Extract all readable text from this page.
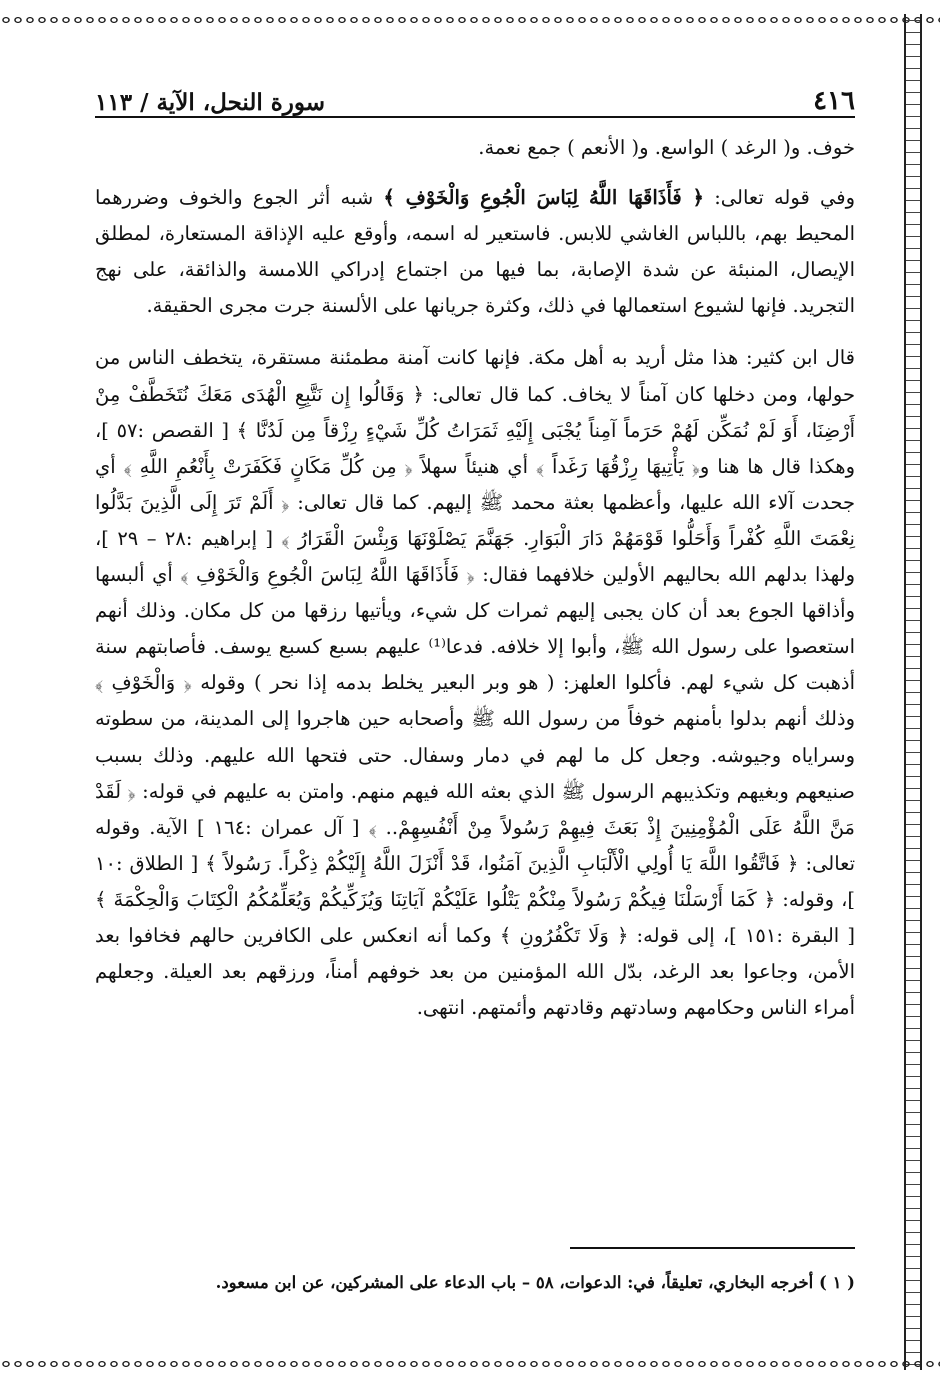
٤١٦
سورة النحل، الآية / ١١٣

خوف. و( الرغد ) الواسع. و( الأنعم ) جمع نعمة.

وفي قوله تعالى: ﴿ فَأَذَاقَهَا اللَّهُ لِبَاسَ الْجُوعِ وَالْخَوْفِ ﴾ شبه أثر الجوع والخوف وضررهما المحيط بهم، باللباس الغاشي للابس. فاستعير له اسمه، وأوقع عليه الإذاقة المستعارة، لمطلق الإيصال، المنبئة عن شدة الإصابة، بما فيها من اجتماع إدراكي اللامسة والذائقة، على نهج التجريد. فإنها لشيوع استعمالها في ذلك، وكثرة جريانها على الألسنة جرت مجرى الحقيقة.

قال ابن كثير: هذا مثل أريد به أهل مكة. فإنها كانت آمنة مطمئنة مستقرة، يتخطف الناس من حولها، ومن دخلها كان آمناً لا يخاف. كما قال تعالى: ﴿ وَقَالُوا إِن نَتَّبِعِ الْهُدَى مَعَكَ نُتَخَطَّفْ مِنْ أَرْضِنَا، أَوَ لَمْ نُمَكِّن لَهُمْ حَرَماً آمِناً يُجْبَى إِلَيْهِ ثَمَرَاتُ كُلِّ شَيْءٍ رِزْقاً مِن لَدُنَّا ﴾ [ القصص :٥٧ ]، وهكذا قال ها هنا و﴿ يَأْتِيهَا رِزْقُهَا رَغَداً ﴾ أي هنيئاً سهلاً ﴿ مِن كُلِّ مَكَانٍ فَكَفَرَتْ بِأَنْعُمِ اللَّهِ ﴾ أي جحدت آلاء الله عليها، وأعظمها بعثة محمد ﷺ إليهم. كما قال تعالى: ﴿ أَلَمْ تَرَ إِلَى الَّذِينَ بَدَّلُوا نِعْمَتَ اللَّهِ كُفْراً وَأَحَلُّوا قَوْمَهُمْ دَارَ الْبَوَارِ. جَهَنَّمَ يَصْلَوْنَهَا وَبِئْسَ الْقَرَارُ ﴾ [ إبراهيم :٢٨ – ٢٩ ]، ولهذا بدلهم الله بحاليهم الأولين خلافهما فقال: ﴿ فَأَذَاقَهَا اللَّهُ لِبَاسَ الْجُوعِ وَالْخَوْفِ ﴾ أي ألبسها وأذاقها الجوع بعد أن كان يجبى إليهم ثمرات كل شيء، ويأتيها رزقها من كل مكان. وذلك أنهم استعصوا على رسول الله ﷺ، وأبوا إلا خلافه. فدعا⁽¹⁾ عليهم بسبع كسبع يوسف. فأصابتهم سنة أذهبت كل شيء لهم. فأكلوا العلهز: ( هو وبر البعير يخلط بدمه إذا نحر ) وقوله ﴿ وَالْخَوْفِ ﴾ وذلك أنهم بدلوا بأمنهم خوفاً من رسول الله ﷺ وأصحابه حين هاجروا إلى المدينة، من سطوته وسراياه وجيوشه. وجعل كل ما لهم في دمار وسفال. حتى فتحها الله عليهم. وذلك بسبب صنيعهم وبغيهم وتكذيبهم الرسول ﷺ الذي بعثه الله فيهم منهم. وامتن به عليهم في قوله: ﴿ لَقَدْ مَنَّ اللَّهُ عَلَى الْمُؤْمِنِينَ إِذْ بَعَثَ فِيهِمْ رَسُولاً مِنْ أَنْفُسِهِمْ.. ﴾ [ آل عمران :١٦٤ ] الآية. وقوله تعالى: ﴿ فَاتَّقُوا اللَّهَ يَا أُولِي الْأَلْبَابِ الَّذِينَ آمَنُوا، قَدْ أَنْزَلَ اللَّهُ إِلَيْكُمْ ذِكْراً. رَسُولاً ﴾ [ الطلاق :١٠ ]، وقوله: ﴿ كَمَا أَرْسَلْنَا فِيكُمْ رَسُولاً مِنْكُمْ يَتْلُوا عَلَيْكُمْ آيَاتِنَا وَيُزَكِّيكُمْ وَيُعَلِّمُكُمُ الْكِتَابَ وَالْحِكْمَةَ ﴾ [ البقرة :١٥١ ]، إلى قوله: ﴿ وَلَا تَكْفُرُونِ ﴾ وكما أنه انعكس على الكافرين حالهم فخافوا بعد الأمن، وجاعوا بعد الرغد، بدّل الله المؤمنين من بعد خوفهم أمناً، ورزقهم بعد العيلة. وجعلهم أمراء الناس وحكامهم وسادتهم وقادتهم وأئمتهم. انتهى.

( ١ ) أخرجه البخاري، تعليقاً، في: الدعوات، ٥٨ – باب الدعاء على المشركين، عن ابن مسعود.
